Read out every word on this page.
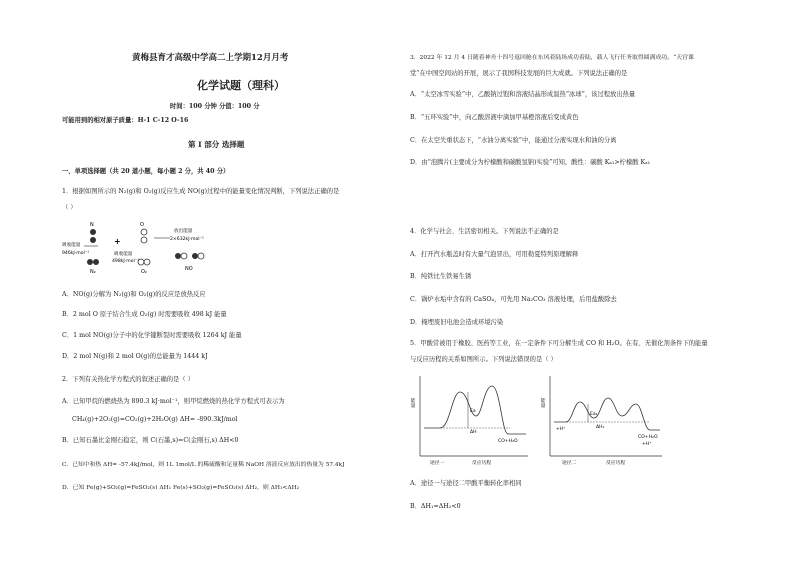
黄梅县育才高级中学高二上学期12月月考
化学试题（理科）
时间：100 分钟 分值：100 分
可能用到的相对原子质量：H-1 C-12 O-16
第 I 部分 选择题
一、单项选择题（共 20 道小题，每小题 2 分，共 40 分）
1．根据如图所示的 N₂(g)和 O₂(g)反应生成 NO(g)过程中的能量变化情况判断，下列说法正确的是
（ ）
N
N₂
吸收能量
946kJ·mol⁻¹
+
O
O₂
吸收能量
498kJ·mol⁻¹
放出能量
2×632kJ·mol⁻¹
NO
A．NO(g)分解为 N₂(g)和 O₂(g)的反应是放热反应
B．2 mol O 原子结合生成 O₂(g) 时需要吸收 498 kJ 能量
C．1 mol NO(g)分子中的化学键断裂时需要吸收 1264 kJ 能量
D．2 mol N(g)和 2 mol O(g)的总能量为 1444 kJ
2．下列有关热化学方程式的叙述正确的是（ ）
A．已知甲烷的燃烧热为 890.3 kJ·mol⁻¹，则甲烷燃烧的热化学方程式可表示为
CH₄(g)+2O₂(g)=CO₂(g)+2H₂O(g) ΔH= -890.3kJ/mol
B．已知石墨比金刚石稳定，则 C(石墨,s)=C(金刚石,s) ΔH<0
C．已知中和热 ΔH= -57.4kJ/mol，则 1L 1mol/L 的稀硫酸和足量稀 NaOH 溶液反应放出的热量为 57.4kJ
D．已知 Fe(g)+SO₂(g)=FeSO₂(s) ΔH₁ Fe(s)+SO₂(g)=FeSO₂(s) ΔH₂，则 ΔH₁<ΔH₂
3．2022 年 12 月 4 日随着神舟十四号返回舱在东风着陆场成功着陆，载人飞行任务取得圆满成功。“天宫课
堂”在中国空间站的开展，展示了我国科技发展的巨大成就。下列说法正确的是
A．“太空冰雪实验”中，乙酸钠过饱和溶液结晶形成温热“冰球”，该过程放出热量
B．“五环实验”中，向乙酸溶液中滴加甲基橙溶液后变成黄色
C．在太空失重状态下，“水油分离实验”中，能通过分液实现水和油的分离
D．由“泡腾片(主要成分为柠檬酸和碳酸氢钠)实验”可知，酸性：碳酸 Kₐ₁>柠檬酸 Kₐ₁
4．化学与社会、生活密切相关。下列说法不正确的是
A．打开汽水瓶盖时有大量气泡冒出，可用勒夏特列原理解释
B．纯铁比生铁易生锈
C．锅炉水垢中含有的 CaSO₄，可先用 Na₂CO₃ 溶液处理，后用盐酸除去
D．掩埋废旧电池会造成环境污染
5．甲酸常被用于橡胶、医药等工业，在一定条件下可分解生成 CO 和 H₂O。在有、无催化剂条件下的能量
与反应历程的关系如图所示。下列说法错误的是（ ）
能量
Ea
ΔH
CO+H₂O
途径一	反应历程
能量
Ea₁
ΔH₁
CO+H₂O
+H⁺
+H⁺
途径二	反应历程
A．途径一与途径二甲酸平衡转化率相同
B．ΔH₁=ΔH₂<0
